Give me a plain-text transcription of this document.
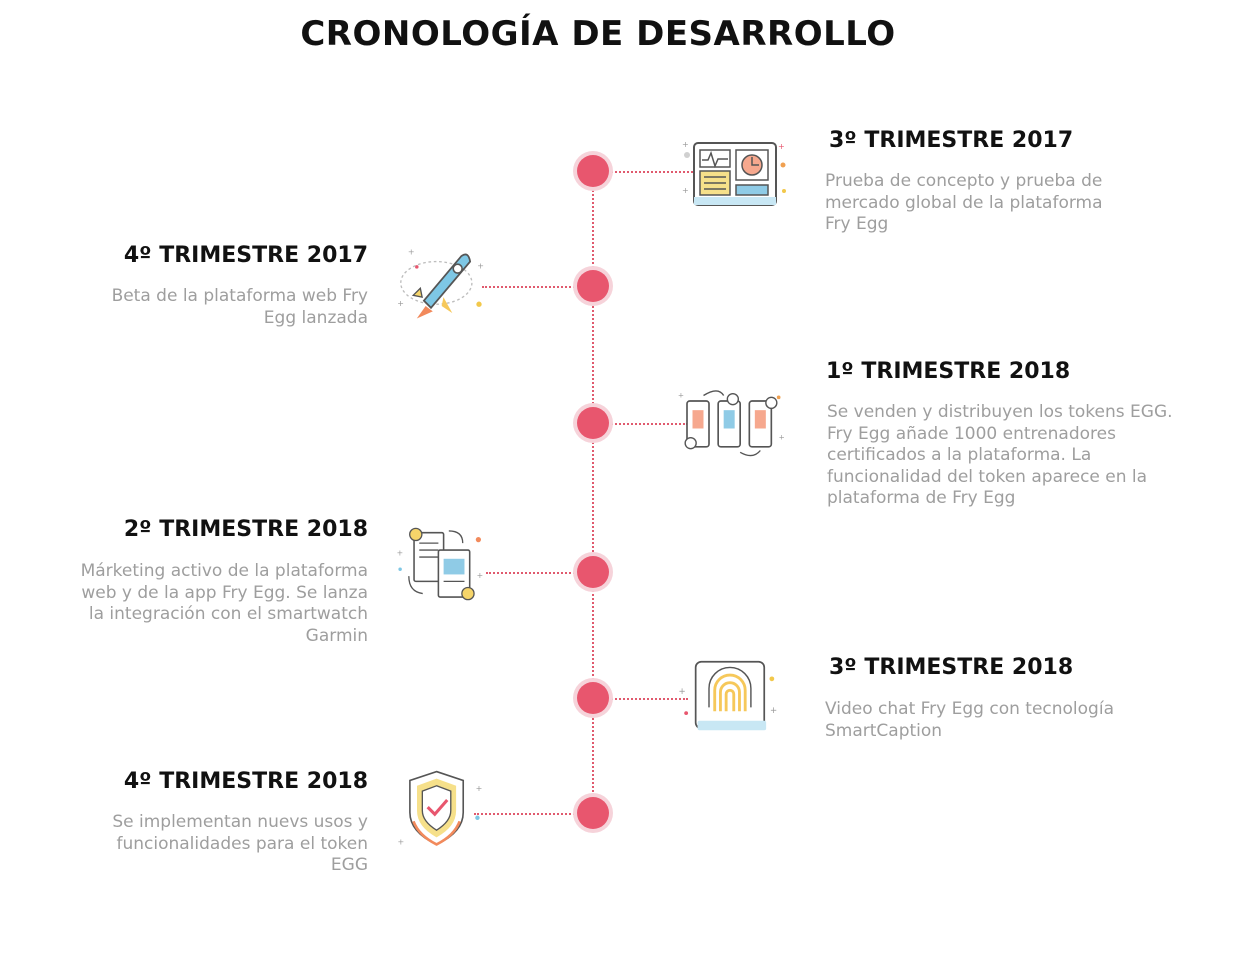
CRONOLOGÍA DE DESARROLLO
+
+
+ 3º TRIMESTRE 2017
Prueba de concepto y prueba de mercado global de la plataforma Fry Egg
+
+
+
4º TRIMESTRE 2017
Beta de la plataforma web Fry Egg lanzada
+
+
1º TRIMESTRE 2018
Se venden y distribuyen los tokens EGG. Fry Egg añade 1000 entrenadores certificados a la plataforma. La funcionalidad del token aparece en la plataforma de Fry Egg
+
+
2º TRIMESTRE 2018
Márketing activo de la plataforma web y de la app Fry Egg. Se lanza la integración con el smartwatch Garmin
+
+
3º TRIMESTRE 2018
Video chat Fry Egg con tecnología SmartCaption
+
+
4º TRIMESTRE 2018
Se implementan nuevs usos y funcionalidades para el token EGG
